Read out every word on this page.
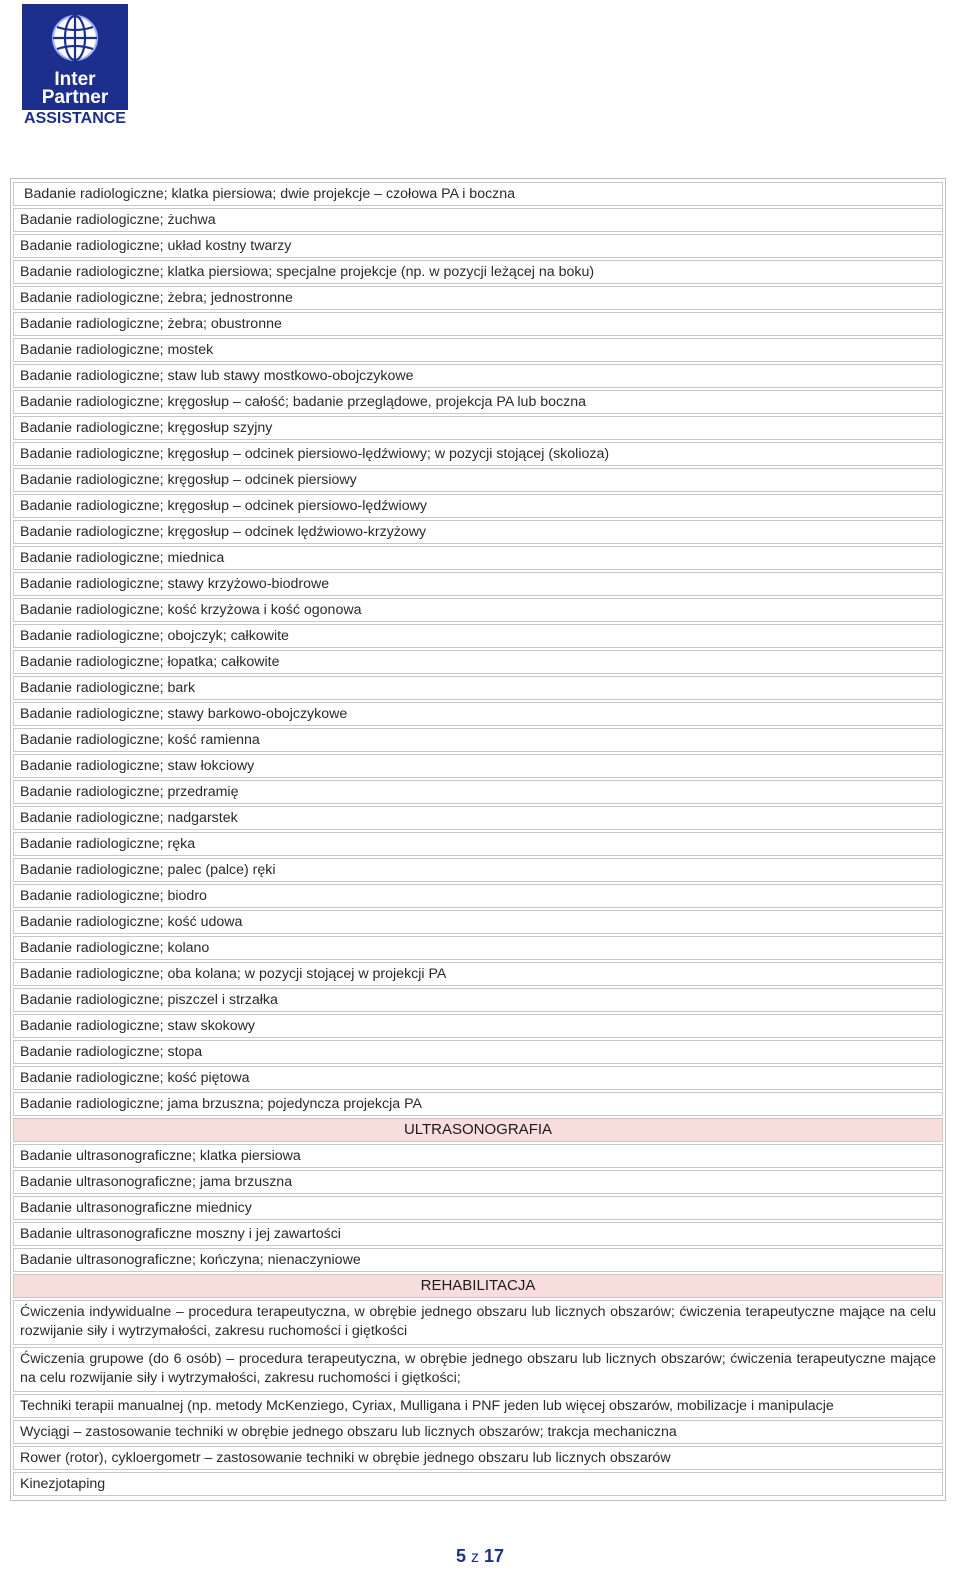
Inter
Partner
ASSISTANCE
Badanie radiologiczne; klatka piersiowa; dwie projekcje – czołowa PA i boczna
Badanie radiologiczne; żuchwa
Badanie radiologiczne; układ kostny twarzy
Badanie radiologiczne; klatka piersiowa; specjalne projekcje (np. w pozycji leżącej na boku)
Badanie radiologiczne; żebra; jednostronne
Badanie radiologiczne; żebra; obustronne
Badanie radiologiczne; mostek
Badanie radiologiczne; staw lub stawy mostkowo-obojczykowe
Badanie radiologiczne; kręgosłup – całość; badanie przeglądowe, projekcja PA lub boczna
Badanie radiologiczne; kręgosłup szyjny
Badanie radiologiczne; kręgosłup – odcinek piersiowo-lędźwiowy; w pozycji stojącej (skolioza)
Badanie radiologiczne; kręgosłup – odcinek piersiowy
Badanie radiologiczne; kręgosłup – odcinek piersiowo-lędźwiowy
Badanie radiologiczne; kręgosłup – odcinek lędźwiowo-krzyżowy
Badanie radiologiczne; miednica
Badanie radiologiczne; stawy krzyżowo-biodrowe
Badanie radiologiczne; kość krzyżowa i kość ogonowa
Badanie radiologiczne; obojczyk; całkowite
Badanie radiologiczne; łopatka; całkowite
Badanie radiologiczne; bark
Badanie radiologiczne; stawy barkowo-obojczykowe
Badanie radiologiczne; kość ramienna
Badanie radiologiczne; staw łokciowy
Badanie radiologiczne; przedramię
Badanie radiologiczne; nadgarstek
Badanie radiologiczne; ręka
Badanie radiologiczne; palec (palce) ręki
Badanie radiologiczne; biodro
Badanie radiologiczne; kość udowa
Badanie radiologiczne; kolano
Badanie radiologiczne; oba kolana; w pozycji stojącej w projekcji PA
Badanie radiologiczne; piszczel i strzałka
Badanie radiologiczne; staw skokowy
Badanie radiologiczne; stopa
Badanie radiologiczne; kość piętowa
Badanie radiologiczne; jama brzuszna; pojedyncza projekcja PA
ULTRASONOGRAFIA
Badanie ultrasonograficzne; klatka piersiowa
Badanie ultrasonograficzne; jama brzuszna
Badanie ultrasonograficzne miednicy
Badanie ultrasonograficzne moszny i jej zawartości
Badanie ultrasonograficzne; kończyna; nienaczyniowe
REHABILITACJA
Ćwiczenia indywidualne – procedura terapeutyczna, w obrębie jednego obszaru lub licznych obszarów; ćwiczenia terapeutyczne mające na celu rozwijanie siły i wytrzymałości, zakresu ruchomości i giętkości
Ćwiczenia grupowe (do 6 osób) – procedura terapeutyczna, w obrębie jednego obszaru lub licznych obszarów; ćwiczenia terapeutyczne mające na celu rozwijanie siły i wytrzymałości, zakresu ruchomości i giętkości;
Techniki terapii manualnej (np. metody McKenziego, Cyriax, Mulligana i PNF jeden lub więcej obszarów, mobilizacje i manipulacje
Wyciągi – zastosowanie techniki w obrębie jednego obszaru lub licznych obszarów; trakcja mechaniczna
Rower (rotor), cykloergometr – zastosowanie techniki w obrębie jednego obszaru lub licznych obszarów
Kinezjotaping
5 z 17
